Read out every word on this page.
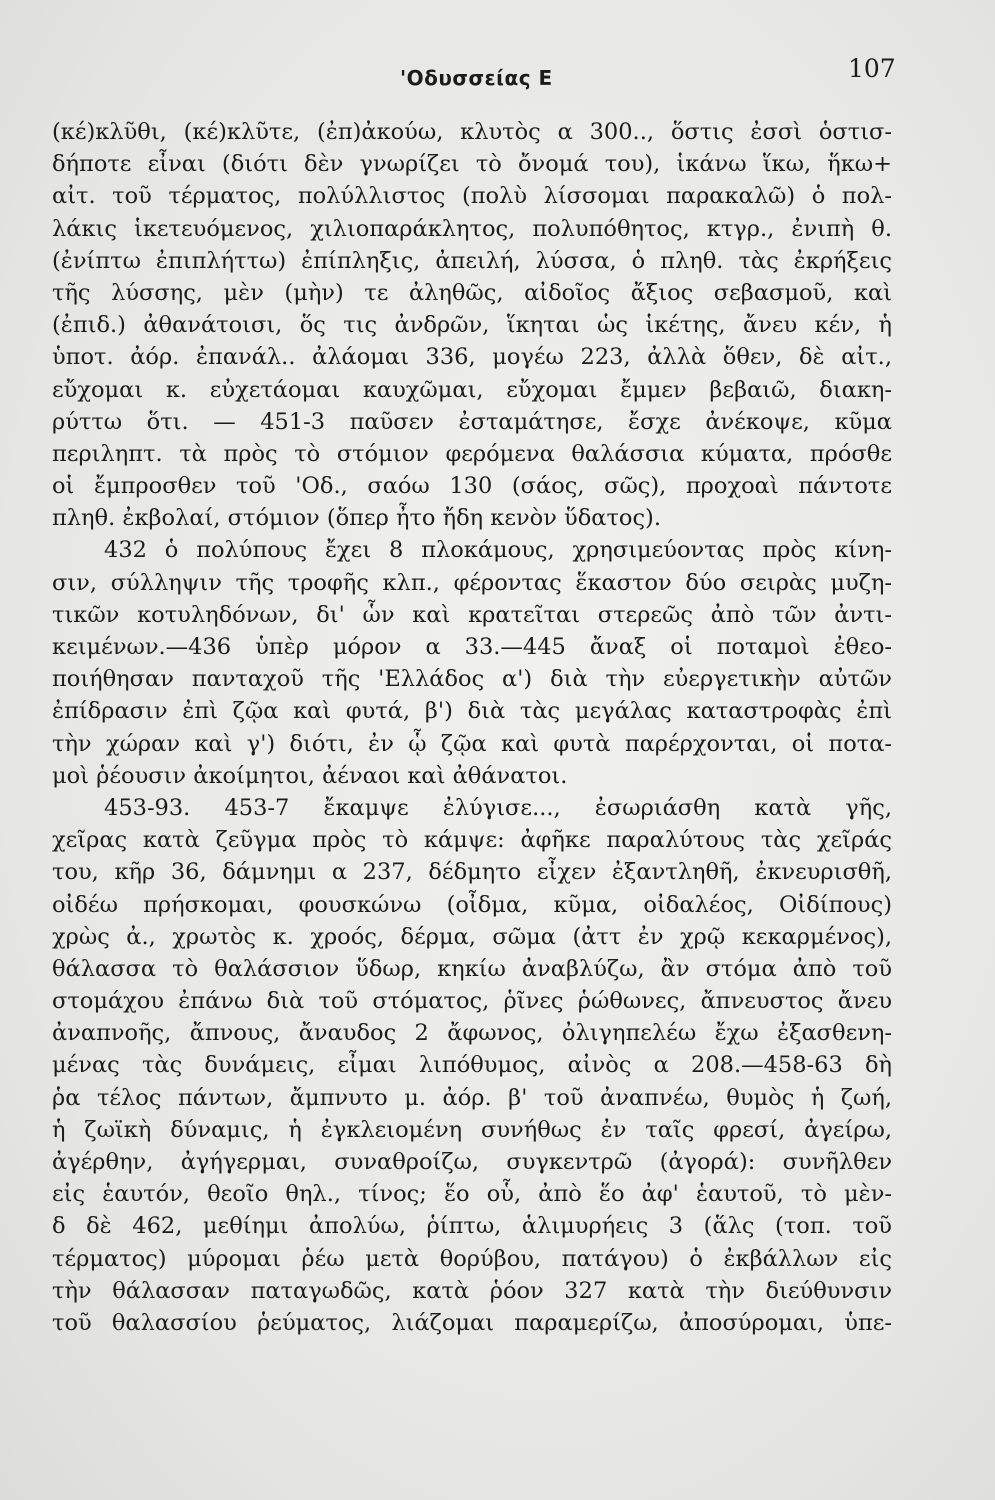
'Οδυσσείας Ε	107
(κέ)κλῦθι, (κέ)κλῦτε, (ἐπ)ἀκούω, κλυτὸς α 300.., ὅστις ἐσσὶ ὁστισ-
δήποτε εἶναι (διότι δὲν γνωρίζει τὸ ὄνομά του), ἱκάνω ἵκω, ἥκω+
αἰτ. τοῦ τέρματος, πολύλλιστος (πολὺ λίσσομαι παρακαλῶ) ὁ πολ-
λάκις ἱκετευόμενος, χιλιοπαράκλητος, πολυπόθητος, κτγρ., ἐνιπὴ θ.
(ἐνίπτω ἐπιπλήττω) ἐπίπληξις, ἀπειλή, λύσσα, ὁ πληθ. τὰς ἐκρήξεις
τῆς λύσσης, μὲν (μὴν) τε ἀληθῶς, αἰδοῖος ἄξιος σεβασμοῦ, καὶ
(ἐπιδ.) ἀθανάτοισι, ὅς τις ἀνδρῶν, ἵκηται ὡς ἱκέτης, ἄνευ κέν, ἡ
ὑποτ. ἀόρ. ἐπανάλ.. ἀλάομαι 336, μογέω 223, ἀλλὰ ὅθεν, δὲ αἰτ.,
εὔχομαι κ. εὐχετάομαι καυχῶμαι, εὔχομαι ἔμμεν βεβαιῶ, διακη-
ρύττω ὅτι. — 451-3 παῦσεν ἐσταμάτησε, ἔσχε ἀνέκοψε, κῦμα
περιληπτ. τὰ πρὸς τὸ στόμιον φερόμενα θαλάσσια κύματα, πρόσθε
οἱ ἔμπροσθεν τοῦ 'Οδ., σαόω 130 (σάος, σῶς), προχοαὶ πάντοτε
πληθ. ἐκβολαί, στόμιον (ὅπερ ἦτο ἤδη κενὸν ὕδατος).
432 ὁ πολύπους ἔχει 8 πλοκάμους, χρησιμεύοντας πρὸς κίνη-
σιν, σύλληψιν τῆς τροφῆς κλπ., φέροντας ἕκαστον δύο σειρὰς μυζη-
τικῶν κοτυληδόνων, δι' ὧν καὶ κρατεῖται στερεῶς ἀπὸ τῶν ἀντι-
κειμένων.—436 ὑπὲρ μόρον α 33.—445 ἄναξ οἱ ποταμοὶ ἐθεο-
ποιήθησαν πανταχοῦ τῆς 'Ελλάδος α') διὰ τὴν εὐεργετικὴν αὐτῶν
ἐπίδρασιν ἐπὶ ζῷα καὶ φυτά, β') διὰ τὰς μεγάλας καταστροφὰς ἐπὶ
τὴν χώραν καὶ γ') διότι, ἐν ᾧ ζῷα καὶ φυτὰ παρέρχονται, οἱ ποτα-
μοὶ ῥέουσιν ἀκοίμητοι, ἀέναοι καὶ ἀθάνατοι.
453-93. 453-7 ἔκαμψε ἐλύγισε..., ἐσωριάσθη κατὰ γῆς,
χεῖρας κατὰ ζεῦγμα πρὸς τὸ κάμψε: ἀφῆκε παραλύτους τὰς χεῖράς
του, κῆρ 36, δάμνημι α 237, δέδμητο εἶχεν ἐξαντληθῆ, ἐκνευρισθῆ,
οἰδέω πρήσκομαι, φουσκώνω (οἶδμα, κῦμα, οἰδαλέος, Οἰδίπους)
χρὼς ἀ., χρωτὸς κ. χροός, δέρμα, σῶμα (ἀττ ἐν χρῷ κεκαρμένος),
θάλασσα τὸ θαλάσσιον ὕδωρ, κηκίω ἀναβλύζω, ἂν στόμα ἀπὸ τοῦ
στομάχου ἐπάνω διὰ τοῦ στόματος, ῥῖνες ῥώθωνες, ἄπνευστος ἄνευ
ἀναπνοῆς, ἄπνους, ἄναυδος 2 ἄφωνος, ὀλιγηπελέω ἔχω ἐξασθενη-
μένας τὰς δυνάμεις, εἶμαι λιπόθυμος, αἰνὸς α 208.—458-63 δὴ
ῥα τέλος πάντων, ἄμπνυτο μ. ἀόρ. β' τοῦ ἀναπνέω, θυμὸς ἡ ζωή,
ἡ ζωϊκὴ δύναμις, ἡ ἐγκλειομένη συνήθως ἐν ταῖς φρεσί, ἀγείρω,
ἀγέρθην, ἀγήγερμαι, συναθροίζω, συγκεντρῶ (ἀγορά): συνῆλθεν
εἰς ἑαυτόν, θεοῖο θηλ., τίνος; ἕο οὗ, ἀπὸ ἕο ἀφ' ἑαυτοῦ, τὸ μὲν-
δ δὲ 462, μεθίημι ἀπολύω, ῥίπτω, ἁλιμυρήεις 3 (ἅλς (τοπ. τοῦ
τέρματος) μύρομαι ῥέω μετὰ θορύβου, πατάγου) ὁ ἐκβάλλων εἰς
τὴν θάλασσαν παταγωδῶς, κατὰ ῥόον 327 κατὰ τὴν διεύθυνσιν
τοῦ θαλασσίου ῥεύματος, λιάζομαι παραμερίζω, ἀποσύρομαι, ὑπε-
